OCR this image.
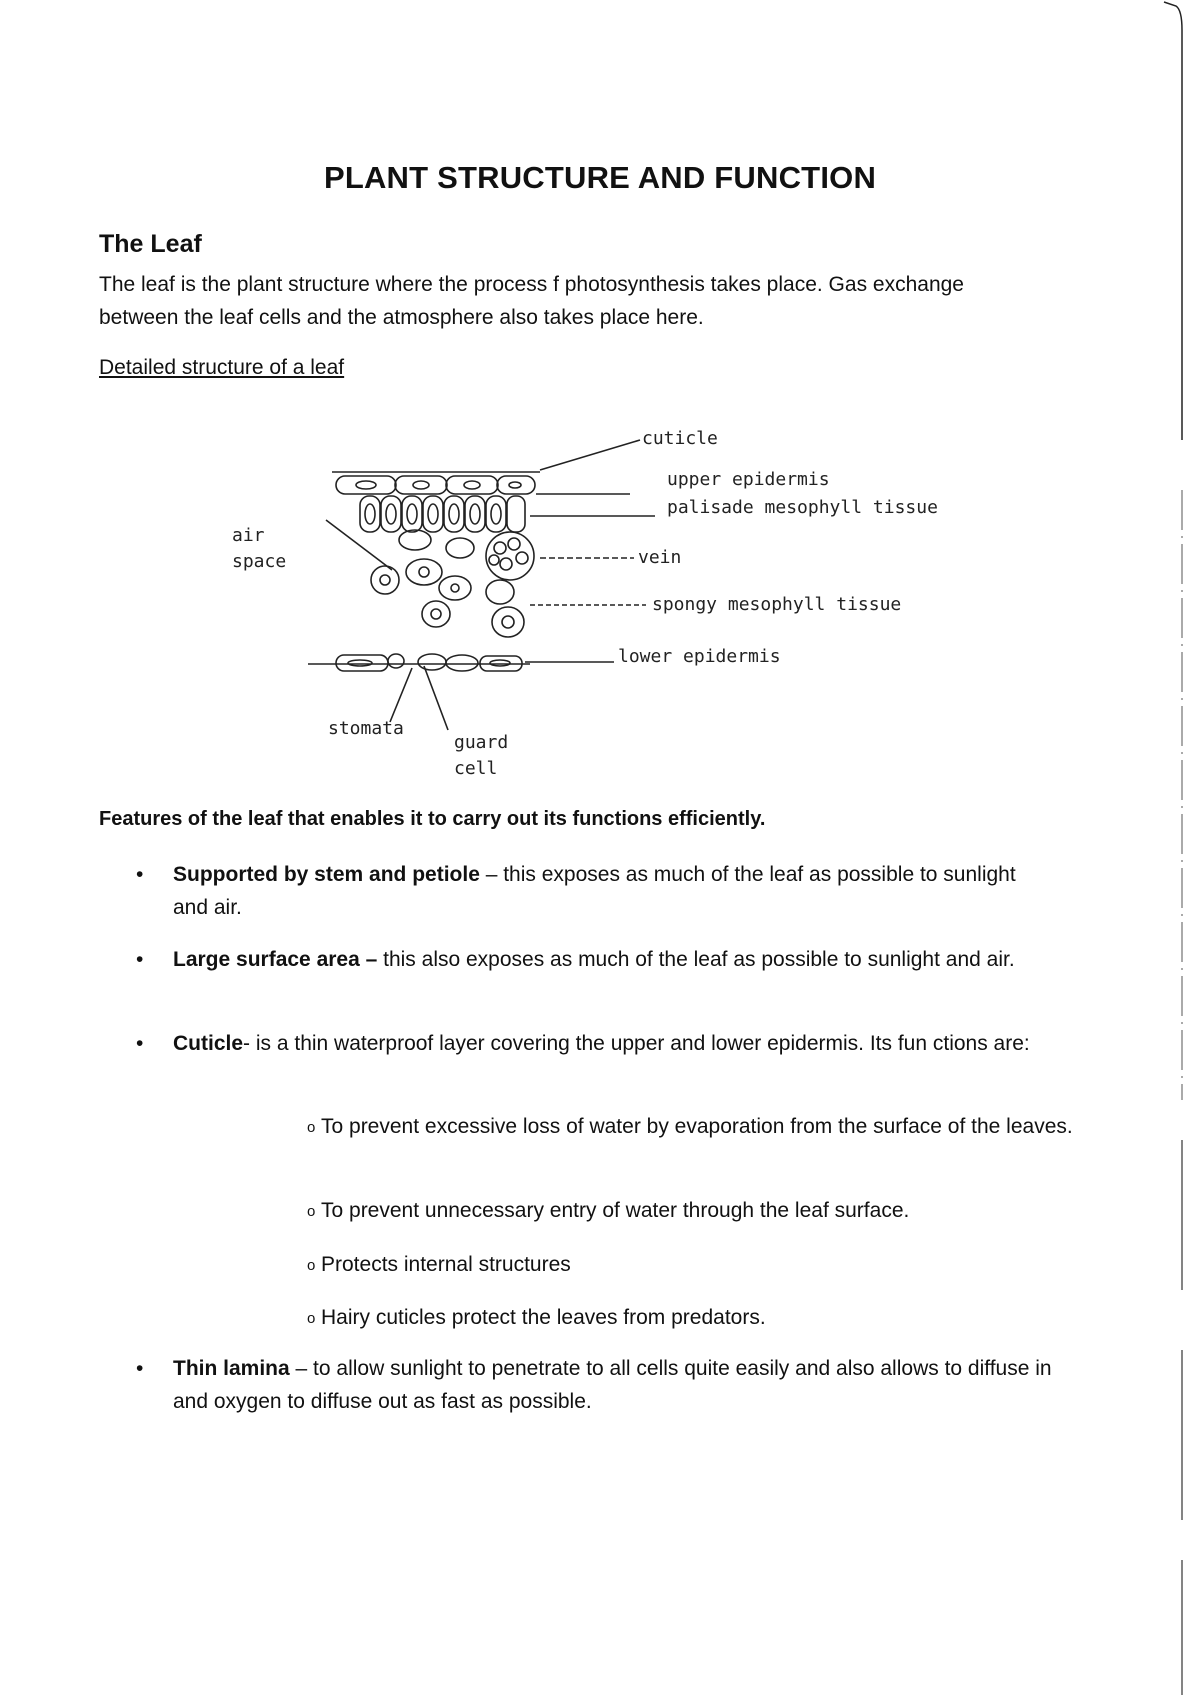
PLANT STRUCTURE AND FUNCTION
The Leaf
The leaf is the plant structure where the process f photosynthesis takes place. Gas exchange between the leaf cells and the atmosphere also takes place here.
Detailed structure of a leaf
cuticle
upper epidermis
palisade mesophyll tissue
air
space	vein
spongy mesophyll tissue
lower epidermis
stomata
guard
cell
Features of the leaf that enables it to carry out its functions efficiently.
• Supported by stem and petiole – this exposes as much of the leaf as possible to sunlight and air.
• Large surface area – this also exposes as much of the leaf as possible to sunlight and air.
• Cuticle- is a thin waterproof layer covering the upper and lower epidermis. Its fun ctions are:
o To prevent excessive loss of water by evaporation from the surface of the leaves.
o To prevent unnecessary entry of water through the leaf surface.
o Protects internal structures
o Hairy cuticles protect the leaves from predators.
• Thin lamina – to allow sunlight to penetrate to all cells quite easily and also allows to diffuse in and oxygen to diffuse out as fast as possible.
